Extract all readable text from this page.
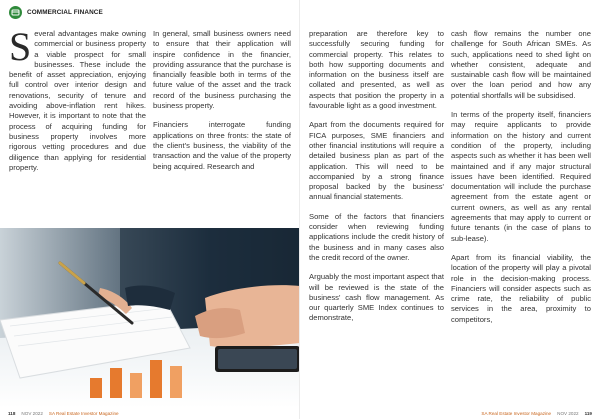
COMMERCIAL FINANCE

Several advantages make owning commercial or business property a viable prospect for small businesses. These include the benefit of asset appreciation, enjoying full control over interior design and renovations, security of tenure and avoiding above-inflation rent hikes. However, it is important to note that the process of acquiring funding for business property involves more rigorous vetting procedures and due diligence than applying for residential property.

In general, small business owners need to ensure that their application will inspire confidence in the financier, providing assurance that the purchase is financially feasible both in terms of the future value of the asset and the track record of the business purchasing the business property.

Financiers interrogate funding applications on three fronts: the state of the client's business, the viability of the transaction and the value of the property being acquired. Research and

118 NOV 2022 SA Real Estate Investor Magazine

preparation are therefore key to successfully securing funding for commercial property. This relates to both how supporting documents and information on the business itself are collated and presented, as well as aspects that position the property in a favourable light as a good investment.

Apart from the documents required for FICA purposes, SME financiers and other financial institutions will require a detailed business plan as part of the application. This will need to be accompanied by a strong finance proposal backed by the business' annual financial statements.

Some of the factors that financiers consider when reviewing funding applications include the credit history of the business and in many cases also the credit record of the owner.

Arguably the most important aspect that will be reviewed is the state of the business' cash flow management. As our quarterly SME Index continues to demonstrate,

cash flow remains the number one challenge for South African SMEs. As such, applications need to shed light on whether consistent, adequate and sustainable cash flow will be maintained over the loan period and how any potential shortfalls will be subsidised.

In terms of the property itself, financiers may require applicants to provide information on the history and current condition of the property, including aspects such as whether it has been well maintained and if any major structural issues have been identified. Required documentation will include the purchase agreement from the estate agent or current owners, as well as any rental agreements that may apply to current or future tenants (in the case of plans to sub-lease).

Apart from its financial viability, the location of the property will play a pivotal role in the decision-making process. Financiers will consider aspects such as crime rate, the reliability of public services in the area, proximity to competitors,

SA Real Estate Investor Magazine NOV 2022 119
